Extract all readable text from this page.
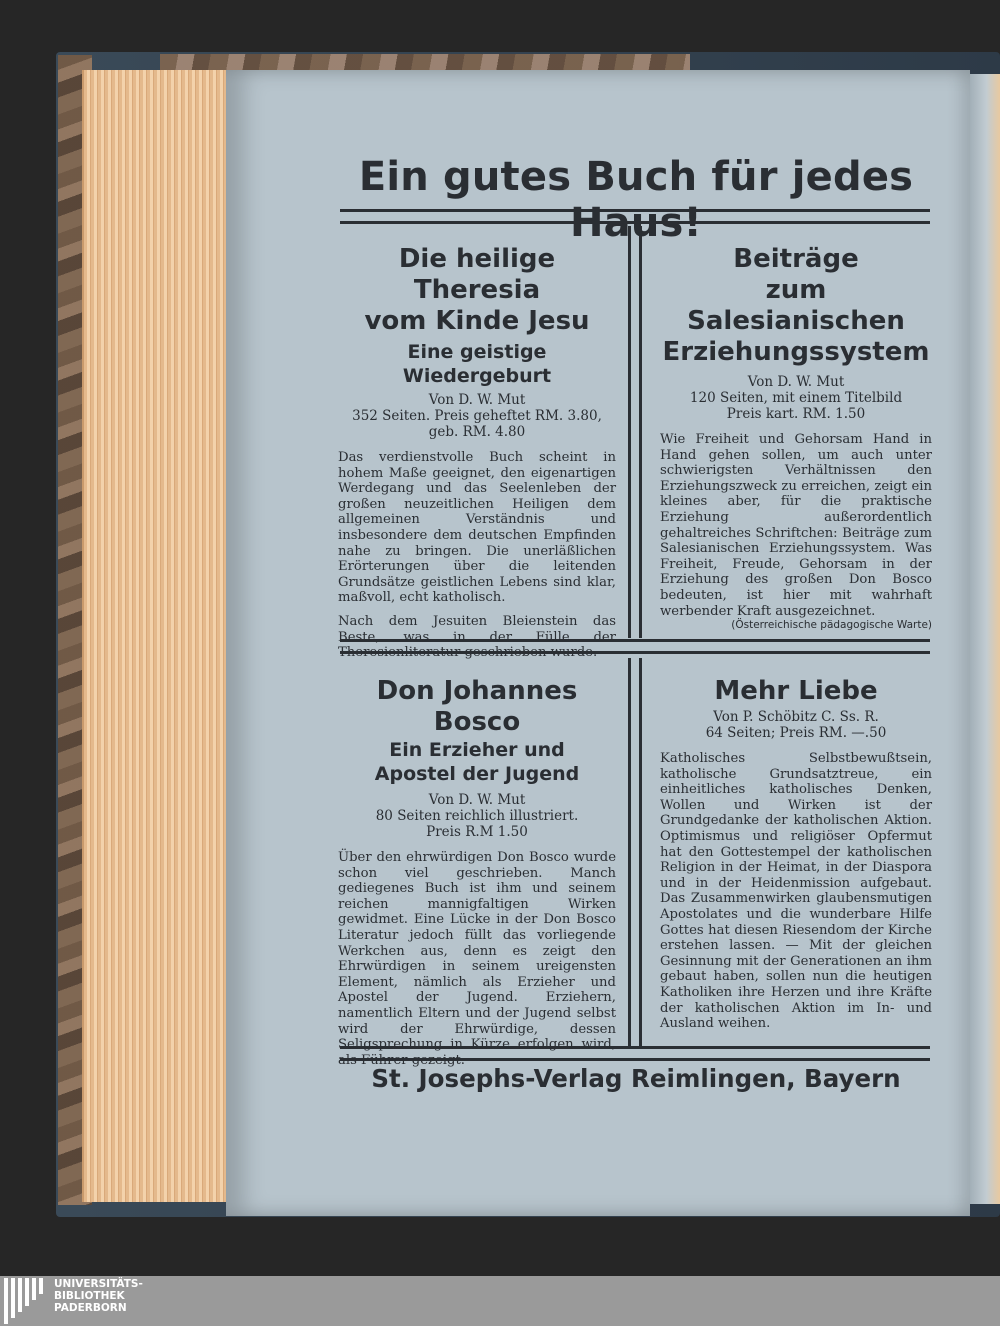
Ein gutes Buch für jedes Haus!

Die heilige Theresia

vom Kinde Jesu

Eine geistige Wiedergeburt

Von D. W. Mut

352 Seiten. Preis geheftet RM. 3.80,

geb. RM. 4.80

Das verdienstvolle Buch scheint in hohem Maße geeignet, den eigenartigen Werdegang und das Seelenleben der großen neuzeitlichen Heiligen dem allgemeinen Verständnis und insbesondere dem deutschen Empfinden nahe zu bringen. Die unerläßlichen Erörterungen über die leitenden Grundsätze geistlichen Lebens sind klar, maßvoll, echt katholisch.

Nach dem Jesuiten Bleienstein das Beste, was in der Fülle der Theresienliteratur geschrieben wurde.

Beiträge

zum Salesianischen

Erziehungssystem

Von D. W. Mut

120 Seiten, mit einem Titelbild

Preis kart. RM. 1.50

Wie Freiheit und Gehorsam Hand in Hand gehen sollen, um auch unter schwierigsten Verhältnissen den Erziehungszweck zu erreichen, zeigt ein kleines aber, für die praktische Erziehung außerordentlich gehaltreiches Schriftchen: Beiträge zum Salesianischen Erziehungssystem. Was Freiheit, Freude, Gehorsam in der Erziehung des großen Don Bosco bedeuten, ist hier mit wahrhaft werbender Kraft ausgezeichnet.

(Österreichische pädagogische Warte)

Don Johannes Bosco

Ein Erzieher und

Apostel der Jugend

Von D. W. Mut

80 Seiten reichlich illustriert.

Preis R.M 1.50

Über den ehrwürdigen Don Bosco wurde schon viel geschrieben. Manch gediegenes Buch ist ihm und seinem reichen mannigfaltigen Wirken gewidmet. Eine Lücke in der Don Bosco Literatur jedoch füllt das vorliegende Werkchen aus, denn es zeigt den Ehrwürdigen in seinem ureigensten Element, nämlich als Erzieher und Apostel der Jugend. Erziehern, namentlich Eltern und der Jugend selbst wird der Ehrwürdige, dessen Seligsprechung in Kürze erfolgen wird, als Führer gezeigt.

Mehr Liebe

Von P. Schöbitz C. Ss. R.

64 Seiten; Preis RM. —.50

Katholisches Selbstbewußtsein, katholische Grundsatztreue, ein einheitliches katholisches Denken, Wollen und Wirken ist der Grundgedanke der katholischen Aktion. Optimismus und religiöser Opfermut hat den Gottestempel der katholischen Religion in der Heimat, in der Diaspora und in der Heidenmission aufgebaut. Das Zusammenwirken glaubensmutigen Apostolates und die wunderbare Hilfe Gottes hat diesen Riesendom der Kirche erstehen lassen. — Mit der gleichen Gesinnung mit der Generationen an ihm gebaut haben, sollen nun die heutigen Katholiken ihre Herzen und ihre Kräfte der katholischen Aktion im In- und Ausland weihen.

St. Josephs-Verlag Reimlingen, Bayern
UNIVERSITÄTS-
BIBLIOTHEK
PADERBORN
